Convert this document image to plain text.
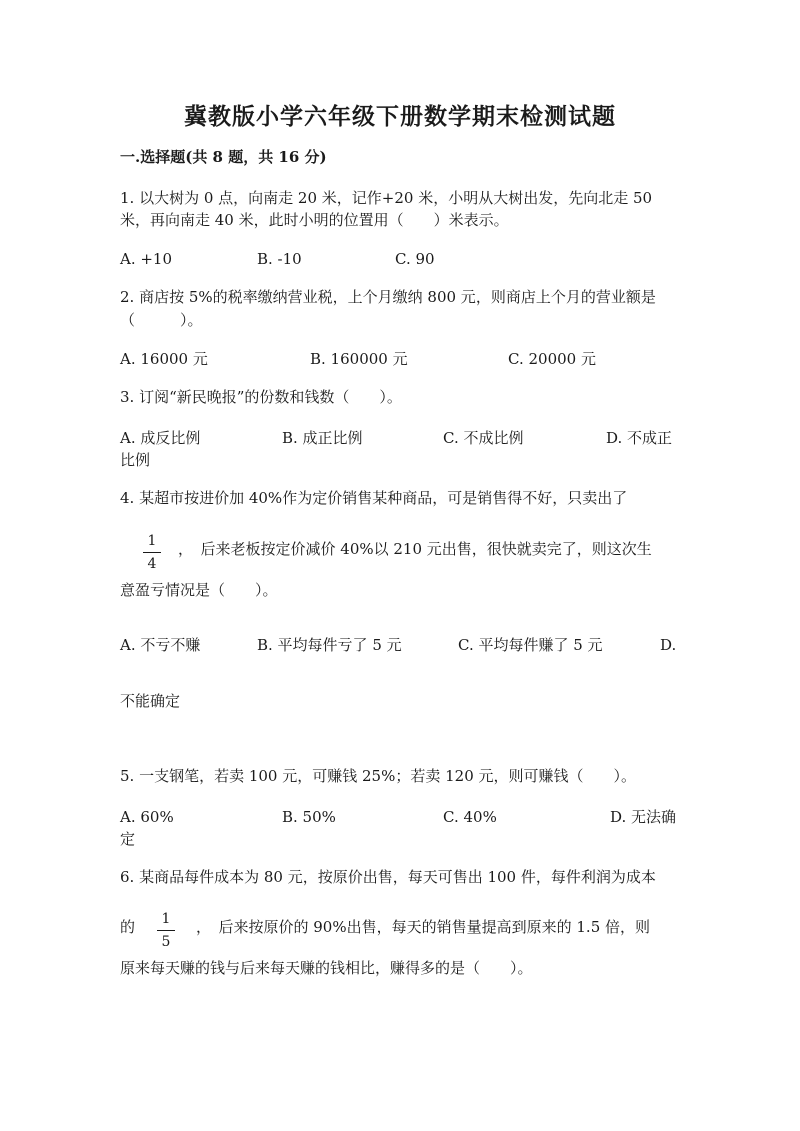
冀教版小学六年级下册数学期末检测试题
一.选择题(共 8 题，共 16 分)
1. 以大树为 0 点，向南走 20 米，记作+20 米，小明从大树出发，先向北走 50
米，再向南走 40 米，此时小明的位置用（　　）米表示。
A. +10	B. -10	C. 90
2. 商店按 5%的税率缴纳营业税，上个月缴纳 800 元，则商店上个月的营业额是
（　　　）。
A. 16000 元	B. 160000 元	C. 20000 元
3. 订阅“新民晚报”的份数和钱数（　　）。
A. 成反比例	B. 成正比例	C. 不成比例	D. 不成正
比例
4. 某超市按进价加 40%作为定价销售某种商品，可是销售得不好，只卖出了
1
4
，　后来老板按定价减价 40%以 210 元出售，很快就卖完了，则这次生
意盈亏情况是（　　）。
A. 不亏不赚	B. 平均每件亏了 5 元	C. 平均每件赚了 5 元	D.
不能确定
5. 一支钢笔，若卖 100 元，可赚钱 25%；若卖 120 元，则可赚钱（　　）。
A. 60%	B. 50%	C. 40%	D. 无法确
定
6. 某商品每件成本为 80 元，按原价出售，每天可售出 100 件，每件利润为成本
的	1
5
，　后来按原价的 90%出售，每天的销售量提高到原来的 1.5 倍，则
原来每天赚的钱与后来每天赚的钱相比，赚得多的是（　　）。
